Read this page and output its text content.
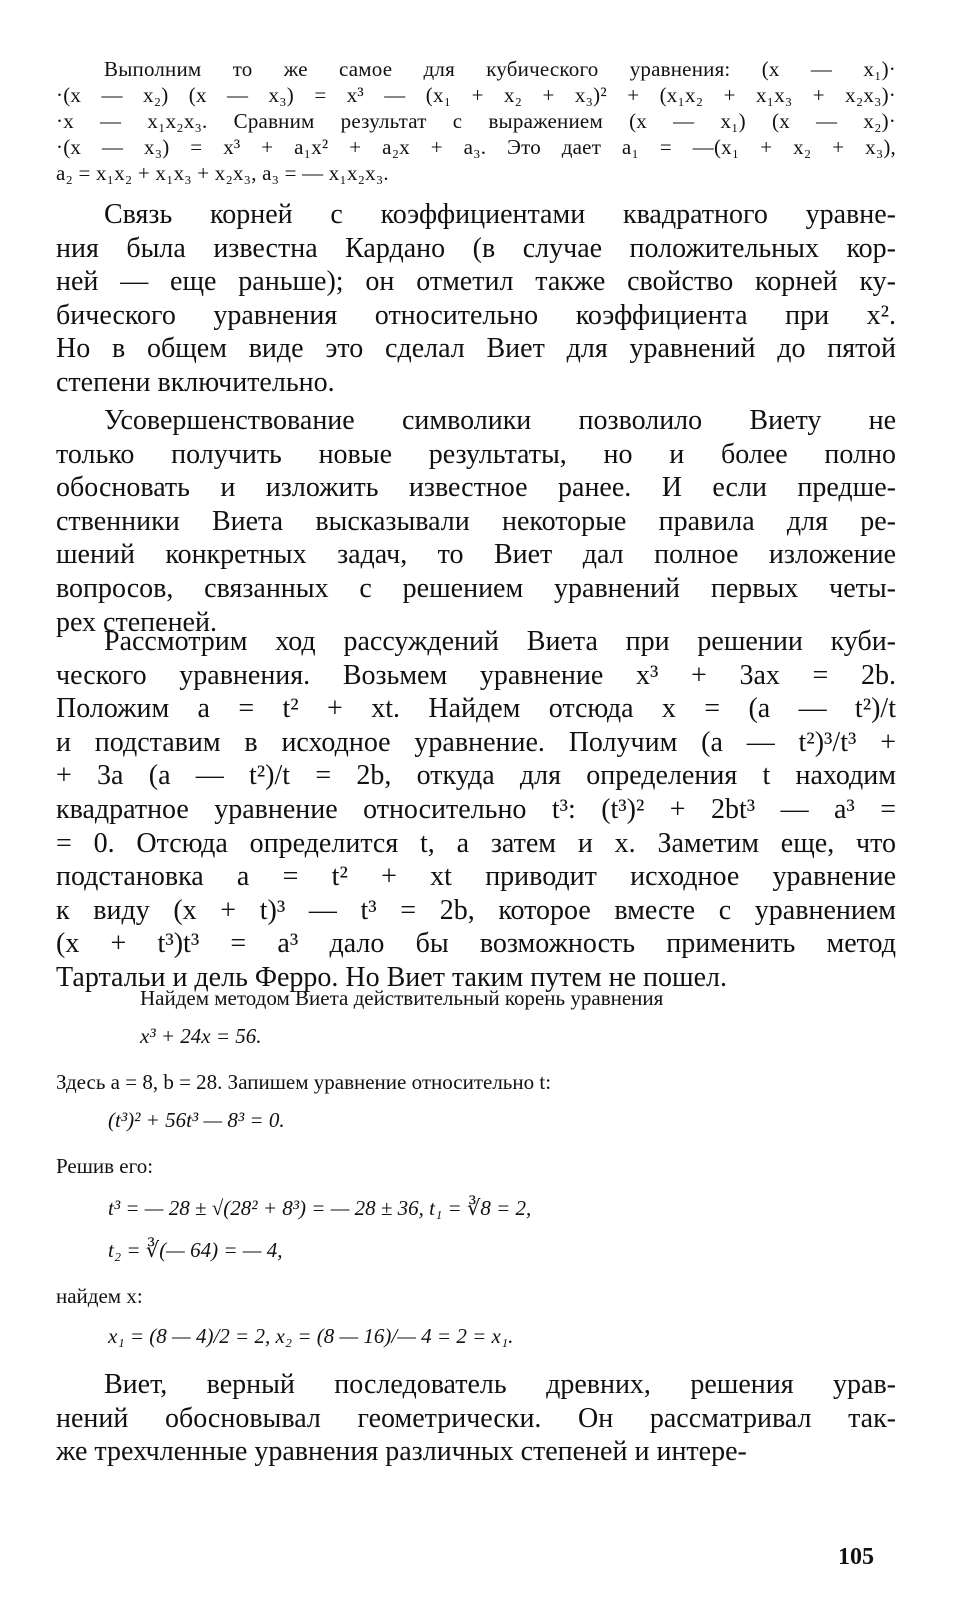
Выполним то же самое для кубического уравнения: (x — x₁)·
·(x — x₂) (x — x₃) = x³ — (x₁ + x₂ + x₃)² + (x₁x₂ + x₁x₃ + x₂x₃)·
·x — x₁x₂x₃. Сравним результат с выражением (x — x₁) (x — x₂)·
·(x — x₃) = x³ + a₁x² + a₂x + a₃. Это дает a₁ = —(x₁ + x₂ + x₃),
a₂ = x₁x₂ + x₁x₃ + x₂x₃, a₃ = — x₁x₂x₃.
Связь корней с коэффициентами квадратного уравне-
ния была известна Кардано (в случае положительных кор-
ней — еще раньше); он отметил также свойство корней ку-
бического уравнения относительно коэффициента при x².
Но в общем виде это сделал Виет для уравнений до пятой
степени включительно.
Усовершенствование символики позволило Виету не
только получить новые результаты, но и более полно
обосновать и изложить известное ранее. И если предше-
ственники Виета высказывали некоторые правила для ре-
шений конкретных задач, то Виет дал полное изложение
вопросов, связанных с решением уравнений первых четы-
рех степеней.
Рассмотрим ход рассуждений Виета при решении куби-
ческого уравнения. Возьмем уравнение x³ + 3ax = 2b.
Положим a = t² + xt. Найдем отсюда x = (a — t²)/t
и подставим в исходное уравнение. Получим (a — t²)³/t³ +
+ 3a (a — t²)/t = 2b, откуда для определения t находим
квадратное уравнение относительно t³: (t³)² + 2bt³ — a³ =
= 0. Отсюда определится t, а затем и x. Заметим еще, что
подстановка a = t² + xt приводит исходное уравнение
к виду (x + t)³ — t³ = 2b, которое вместе с уравнением
(x + t³)t³ = a³ дало бы возможность применить метод
Тартальи и дель Ферро. Но Виет таким путем не пошел.
Найдем методом Виета действительный корень уравнения
x³ + 24x = 56.
Здесь a = 8, b = 28. Запишем уравнение относительно t:
(t³)² + 56t³ — 8³ = 0.
Решив его:
t³ = — 28 ± √(28² + 8³) = — 28 ± 36, t₁ = ∛8 = 2,
t₂ = ∛(— 64) = — 4,
найдем x:
x₁ = (8 — 4)/2 = 2, x₂ = (8 — 16)/— 4 = 2 = x₁.
Виет, верный последователь древних, решения урав-
нений обосновывал геометрически. Он рассматривал так-
же трехчленные уравнения различных степеней и интере-
105
